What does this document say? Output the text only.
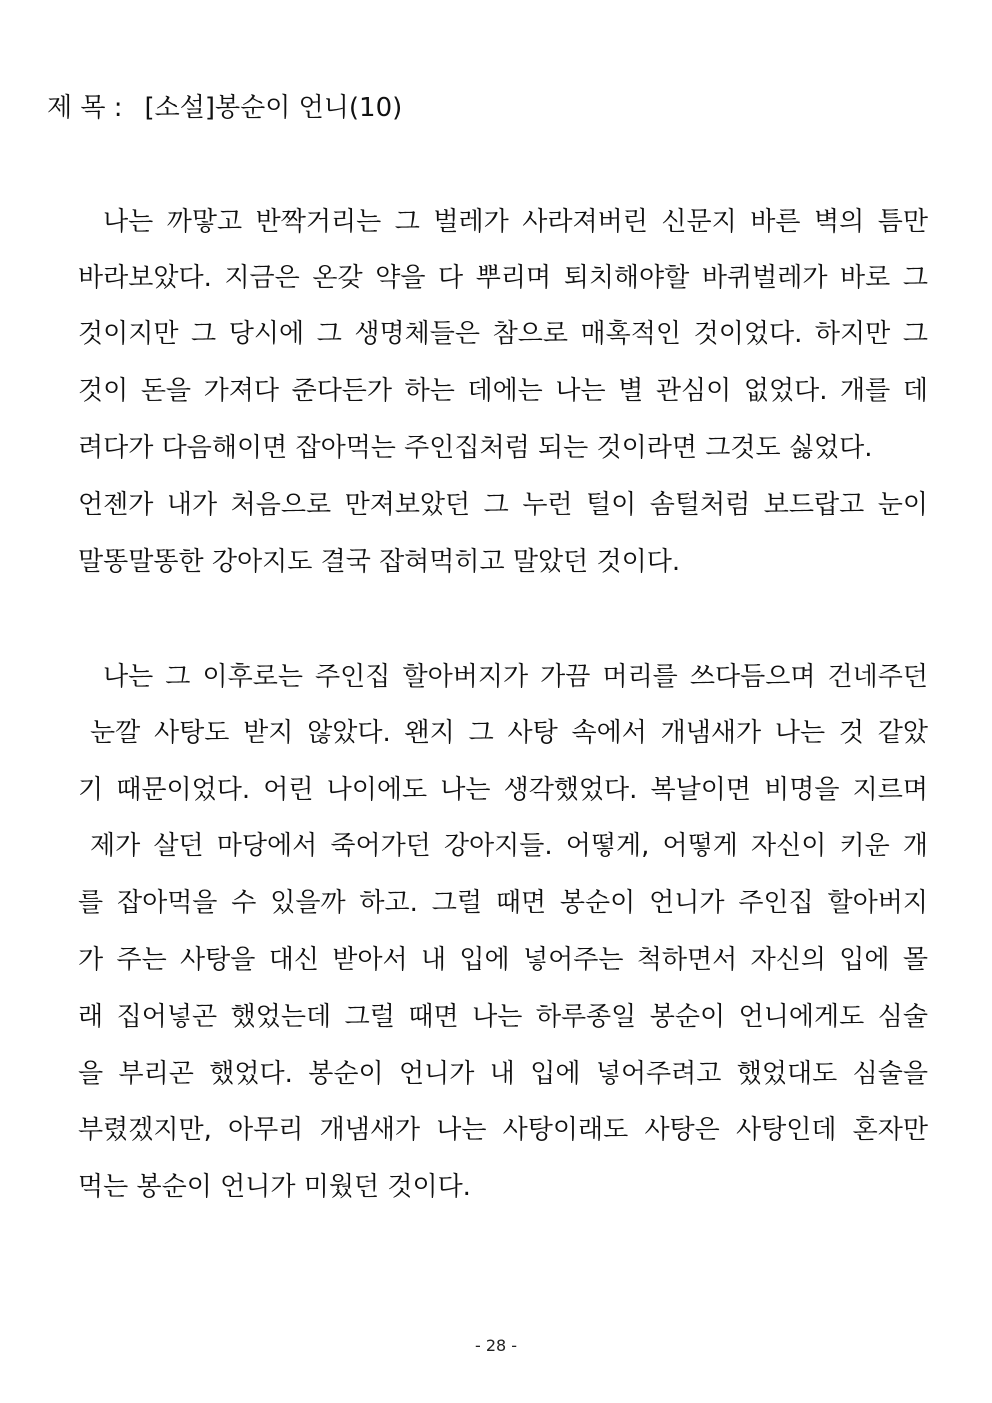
제 목 : [소설]봉순이 언니(10)
나는 까맣고 반짝거리는 그 벌레가 사라져버린 신문지 바른 벽의 틈만
바라보았다. 지금은 온갖 약을 다 뿌리며 퇴치해야할 바퀴벌레가 바로 그
것이지만 그 당시에 그 생명체들은 참으로 매혹적인 것이었다. 하지만 그
것이 돈을 가져다 준다든가 하는 데에는 나는 별 관심이 없었다. 개를 데
려다가 다음해이면 잡아먹는 주인집처럼 되는 것이라면 그것도 싫었다.
언젠가 내가 처음으로 만져보았던 그 누런 털이 솜털처럼 보드랍고 눈이
말똥말똥한 강아지도 결국 잡혀먹히고 말았던 것이다.
나는 그 이후로는 주인집 할아버지가 가끔 머리를 쓰다듬으며 건네주던
눈깔 사탕도 받지 않았다. 왠지 그 사탕 속에서 개냄새가 나는 것 같았
기 때문이었다. 어린 나이에도 나는 생각했었다. 복날이면 비명을 지르며
제가 살던 마당에서 죽어가던 강아지들. 어떻게, 어떻게 자신이 키운 개
를 잡아먹을 수 있을까 하고. 그럴 때면 봉순이 언니가 주인집 할아버지
가 주는 사탕을 대신 받아서 내 입에 넣어주는 척하면서 자신의 입에 몰
래 집어넣곤 했었는데 그럴 때면 나는 하루종일 봉순이 언니에게도 심술
을 부리곤 했었다. 봉순이 언니가 내 입에 넣어주려고 했었대도 심술을
부렸겠지만, 아무리 개냄새가 나는 사탕이래도 사탕은 사탕인데 혼자만
먹는 봉순이 언니가 미웠던 것이다.
- 28 -
